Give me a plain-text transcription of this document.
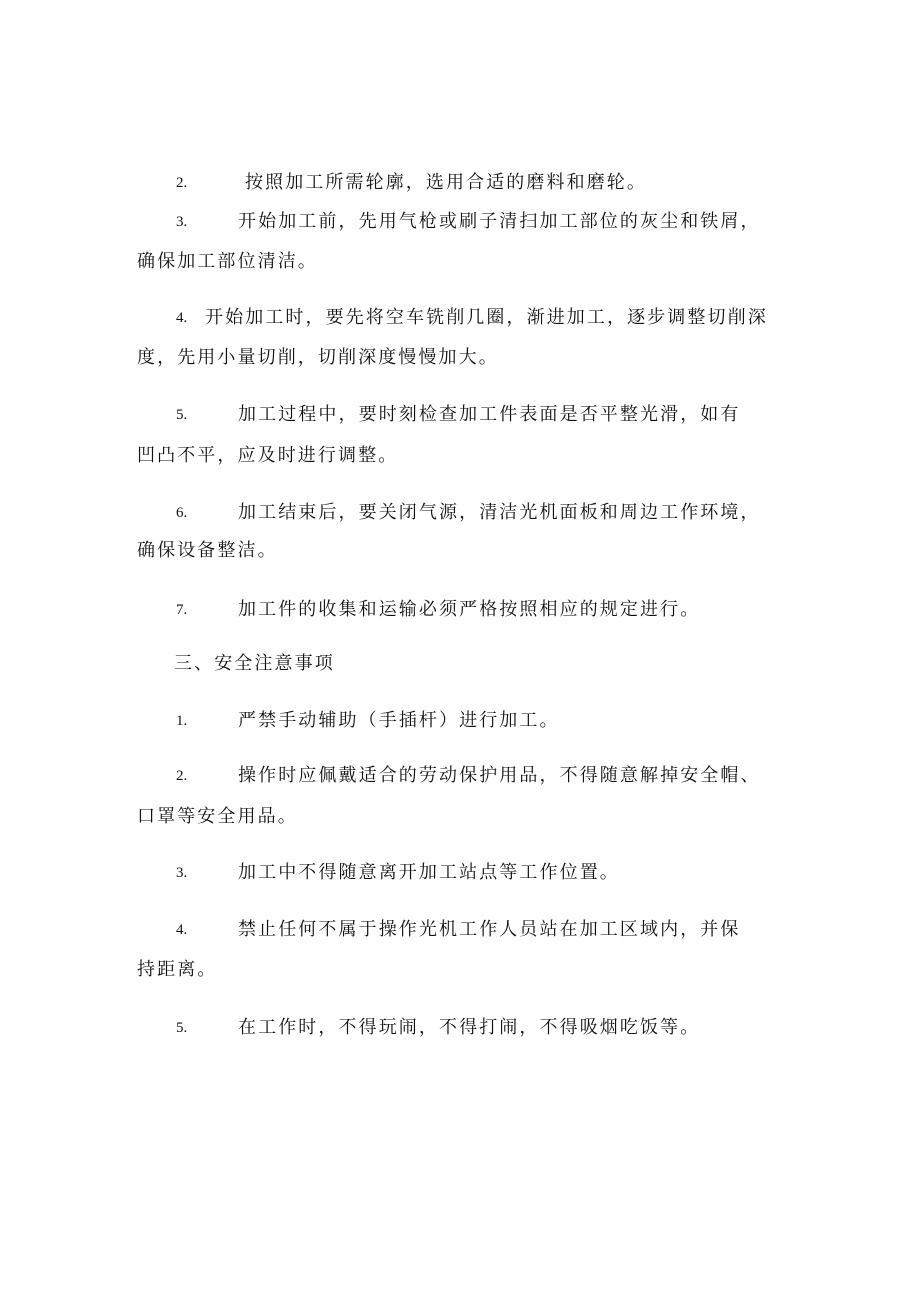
2.	按照加工所需轮廓，选用合适的磨料和磨轮。
3.	开始加工前，先用气枪或刷子清扫加工部位的灰尘和铁屑，
确保加工部位清洁。
4. 开始加工时，要先将空车铣削几圈，渐进加工，逐步调整切削深
度，先用小量切削，切削深度慢慢加大。
5.	加工过程中，要时刻检查加工件表面是否平整光滑，如有
凹凸不平，应及时进行调整。
6.	加工结束后，要关闭气源，清洁光机面板和周边工作环境，
确保设备整洁。
7.	加工件的收集和运输必须严格按照相应的规定进行。
三、安全注意事项
1.	严禁手动辅助（手插杆）进行加工。
2.	操作时应佩戴适合的劳动保护用品，不得随意解掉安全帽、
口罩等安全用品。
3.	加工中不得随意离开加工站点等工作位置。
4.	禁止任何不属于操作光机工作人员站在加工区域内，并保
持距离。
5.	在工作时，不得玩闹，不得打闹，不得吸烟吃饭等。
